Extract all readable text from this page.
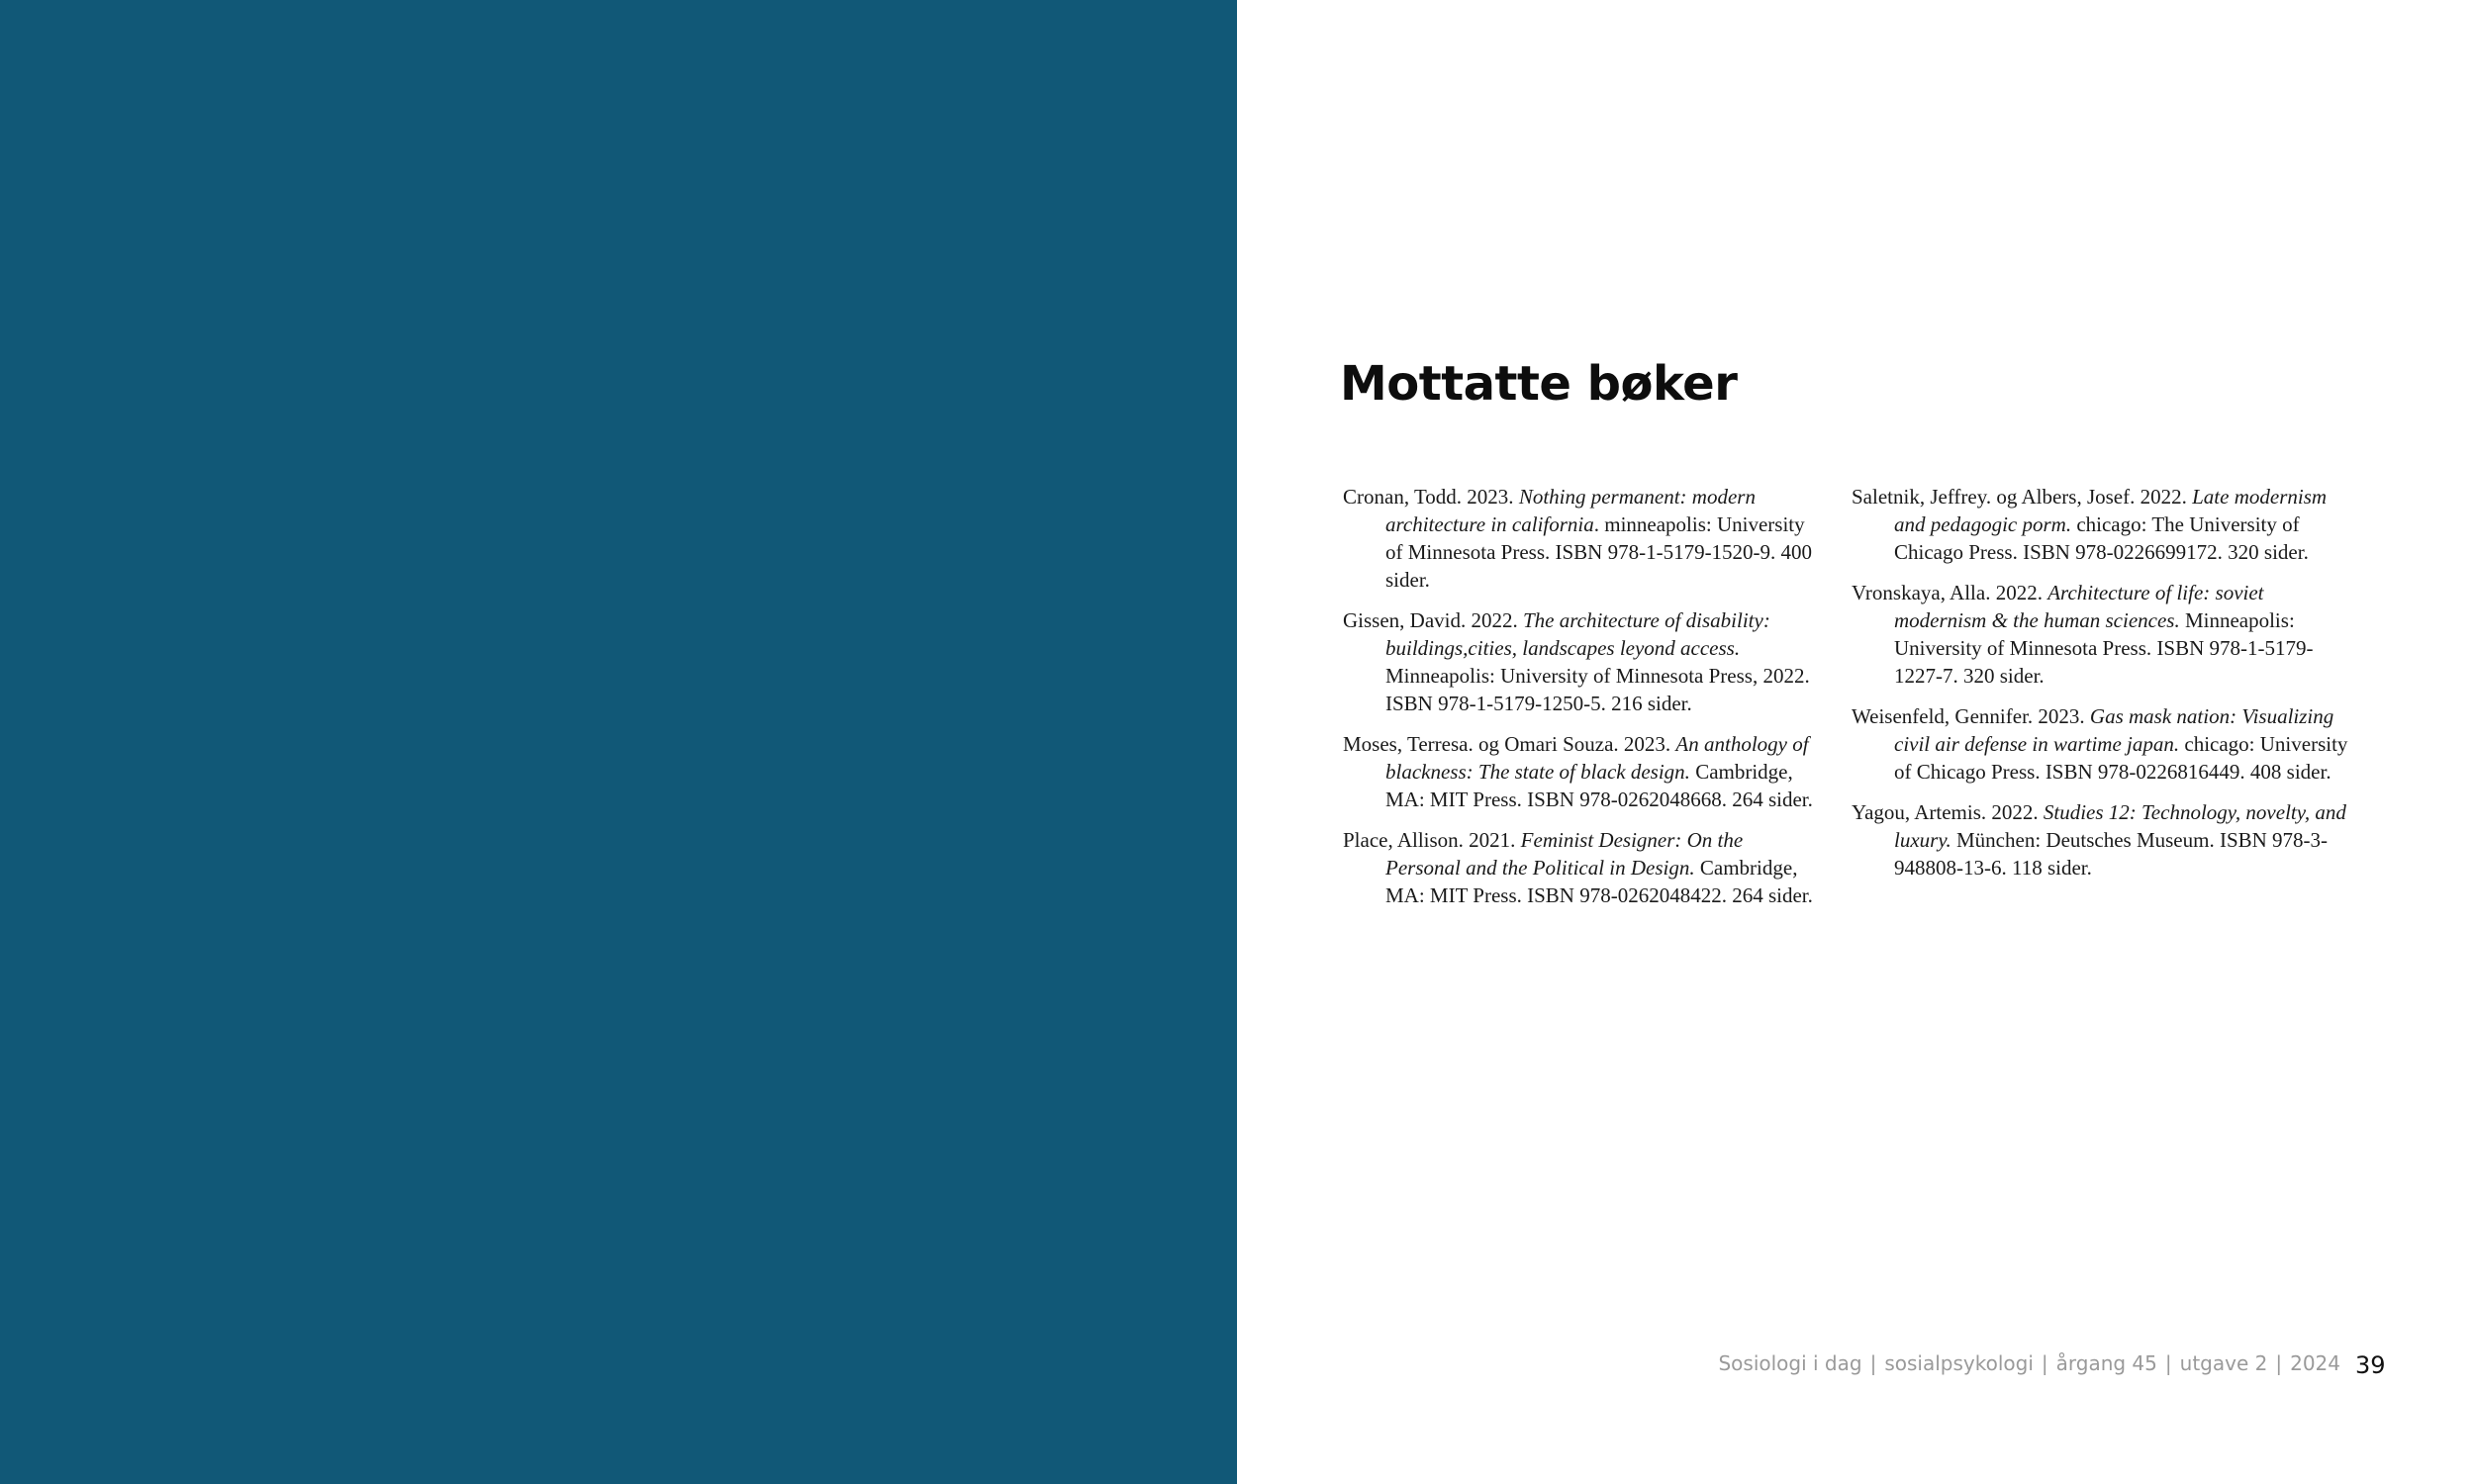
Mottatte bøker

Cronan, Todd. 2023. Nothing permanent: modern architecture in california. minneapolis: University of Minnesota Press. ISBN 978-1-5179-1520-9. 400 sider.

Gissen, David. 2022. The architecture of disability: buildings,cities, landscapes leyond access. Minneapolis: University of Minnesota Press, 2022. ISBN 978-1-5179-1250-5. 216 sider.

Moses, Terresa. og Omari Souza. 2023. An anthology of blackness: The state of black design. Cambridge, MA: MIT Press. ISBN 978-0262048668. 264 sider.

Place, Allison. 2021. Feminist Designer: On the Personal and the Political in Design. Cambridge, MA: MIT Press. ISBN 978-0262048422. 264 sider.

Saletnik, Jeffrey. og Albers, Josef. 2022. Late modernism and pedagogic porm. chicago: The University of Chicago Press. ISBN 978-0226699172. 320 sider.

Vronskaya, Alla. 2022. Architecture of life: soviet modernism & the human sciences. Minneapolis: University of Minnesota Press. ISBN 978-1-5179-1227-7. 320 sider.

Weisenfeld, Gennifer. 2023. Gas mask nation: Visualizing civil air defense in wartime japan. chicago: University of Chicago Press. ISBN 978-0226816449. 408 sider.

Yagou, Artemis. 2022. Studies 12: Technology, novelty, and luxury. München: Deutsches Museum. ISBN 978-3-948808-13-6. 118 sider.

Sosiologi i dag | sosialpsykologi | årgang 45 | utgave 2 | 2024 39
